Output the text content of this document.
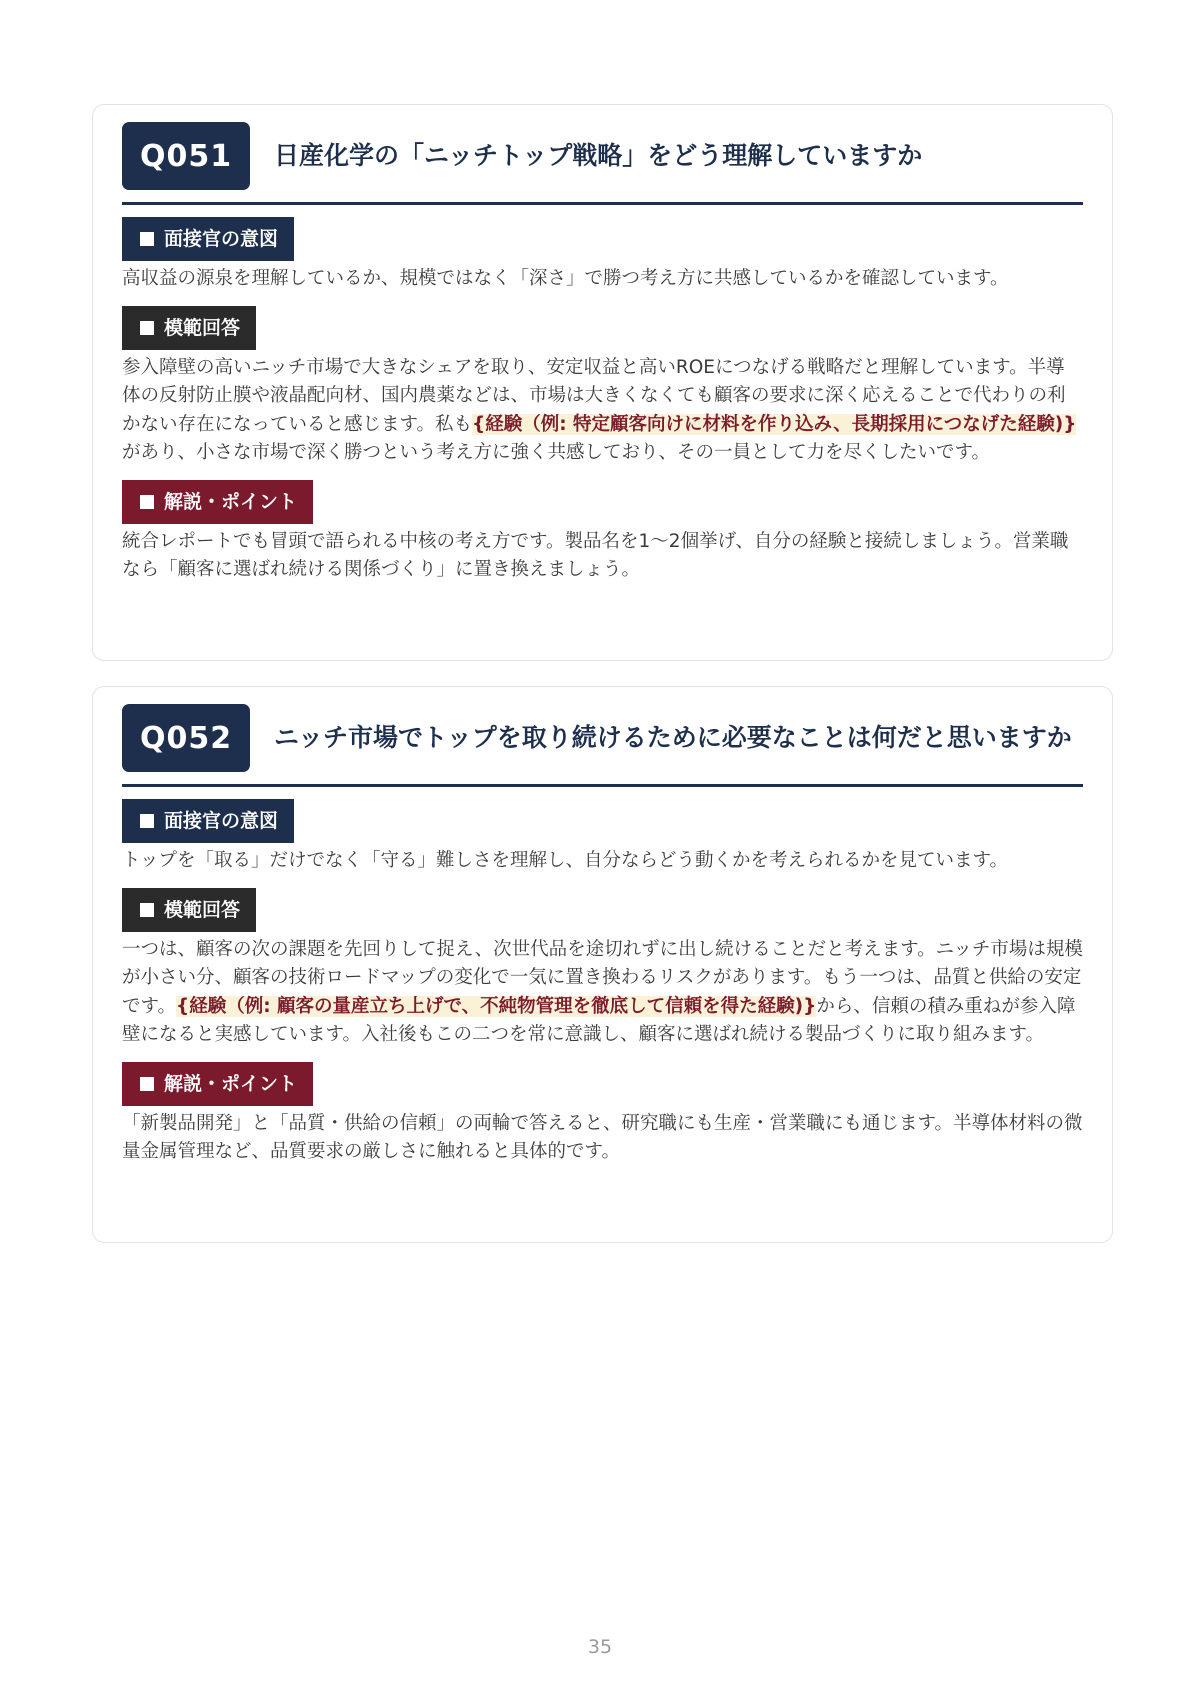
Q051	日産化学の「ニッチトップ戦略」をどう理解していますか
面接官の意図

高収益の源泉を理解しているか、規模ではなく「深さ」で勝つ考え方に共感しているかを確認しています。

模範回答

参入障壁の高いニッチ市場で大きなシェアを取り、安定収益と高いROEにつなげる戦略だと理解しています。半導体の反射防止膜や液晶配向材、国内農薬などは、市場は大きくなくても顧客の要求に深く応えることで代わりの利かない存在になっていると感じます。私も{経験（例: 特定顧客向けに材料を作り込み、長期採用につなげた経験)}があり、小さな市場で深く勝つという考え方に強く共感しており、その一員として力を尽くしたいです。

解説・ポイント

統合レポートでも冒頭で語られる中核の考え方です。製品名を1〜2個挙げ、自分の経験と接続しましょう。営業職なら「顧客に選ばれ続ける関係づくり」に置き換えましょう。

Q052	ニッチ市場でトップを取り続けるために必要なことは何だと思いますか
面接官の意図

トップを「取る」だけでなく「守る」難しさを理解し、自分ならどう動くかを考えられるかを見ています。

模範回答

一つは、顧客の次の課題を先回りして捉え、次世代品を途切れずに出し続けることだと考えます。ニッチ市場は規模が小さい分、顧客の技術ロードマップの変化で一気に置き換わるリスクがあります。もう一つは、品質と供給の安定です。{経験（例: 顧客の量産立ち上げで、不純物管理を徹底して信頼を得た経験)}から、信頼の積み重ねが参入障壁になると実感しています。入社後もこの二つを常に意識し、顧客に選ばれ続ける製品づくりに取り組みます。

解説・ポイント

「新製品開発」と「品質・供給の信頼」の両輪で答えると、研究職にも生産・営業職にも通じます。半導体材料の微量金属管理など、品質要求の厳しさに触れると具体的です。

35
